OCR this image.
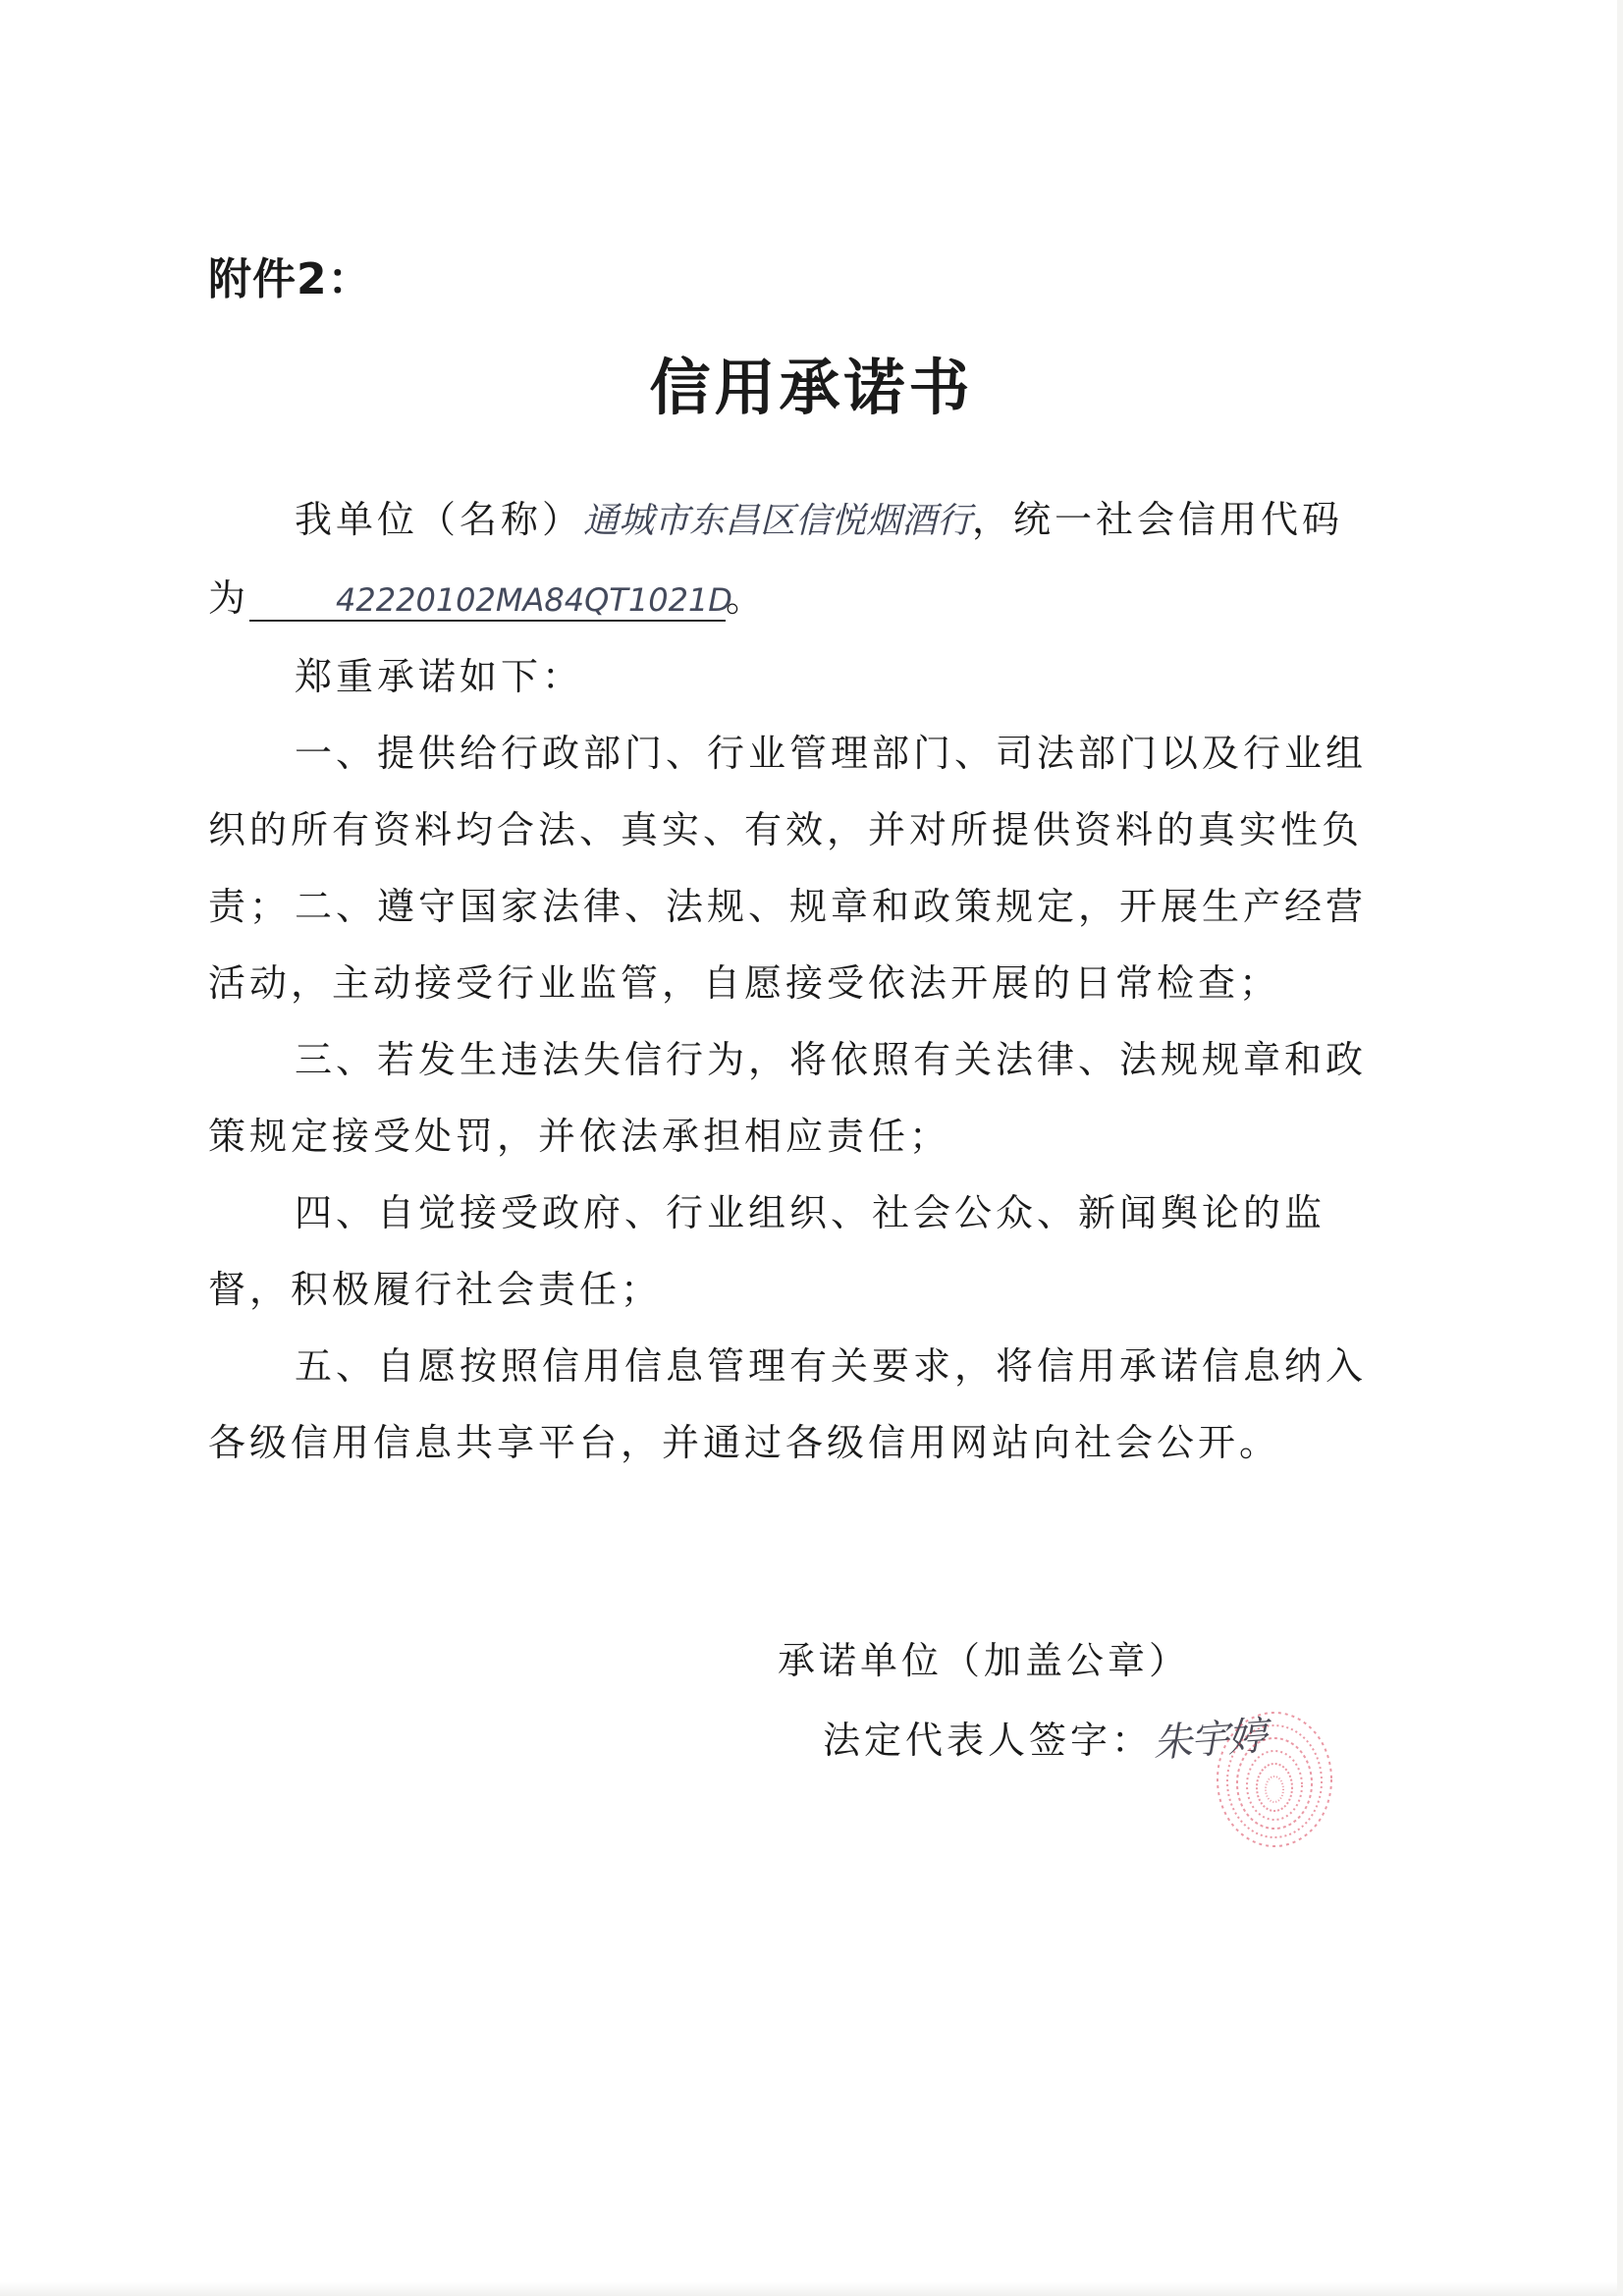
附件2：
信用承诺书

我单位（名称）通城市东昌区信悦烟酒行，统一社会信用代码
为	42220102MA84QT1021D。

郑重承诺如下：

一、提供给行政部门、行业管理部门、司法部门以及行业组织的所有资料均合法、真实、有效，并对所提供资料的真实性负责； 二、遵守国家法律、法规、规章和政策规定，开展生产经营活动，主动接受行业监管，自愿接受依法开展的日常检查；

三、若发生违法失信行为，将依照有关法律、法规规章和政策规定接受处罚，并依法承担相应责任；

四、自觉接受政府、行业组织、社会公众、新闻舆论的监督，积极履行社会责任；

五、自愿按照信用信息管理有关要求，将信用承诺信息纳入各级信用信息共享平台，并通过各级信用网站向社会公开。

承诺单位（加盖公章）
法定代表人签字：朱宇婷
